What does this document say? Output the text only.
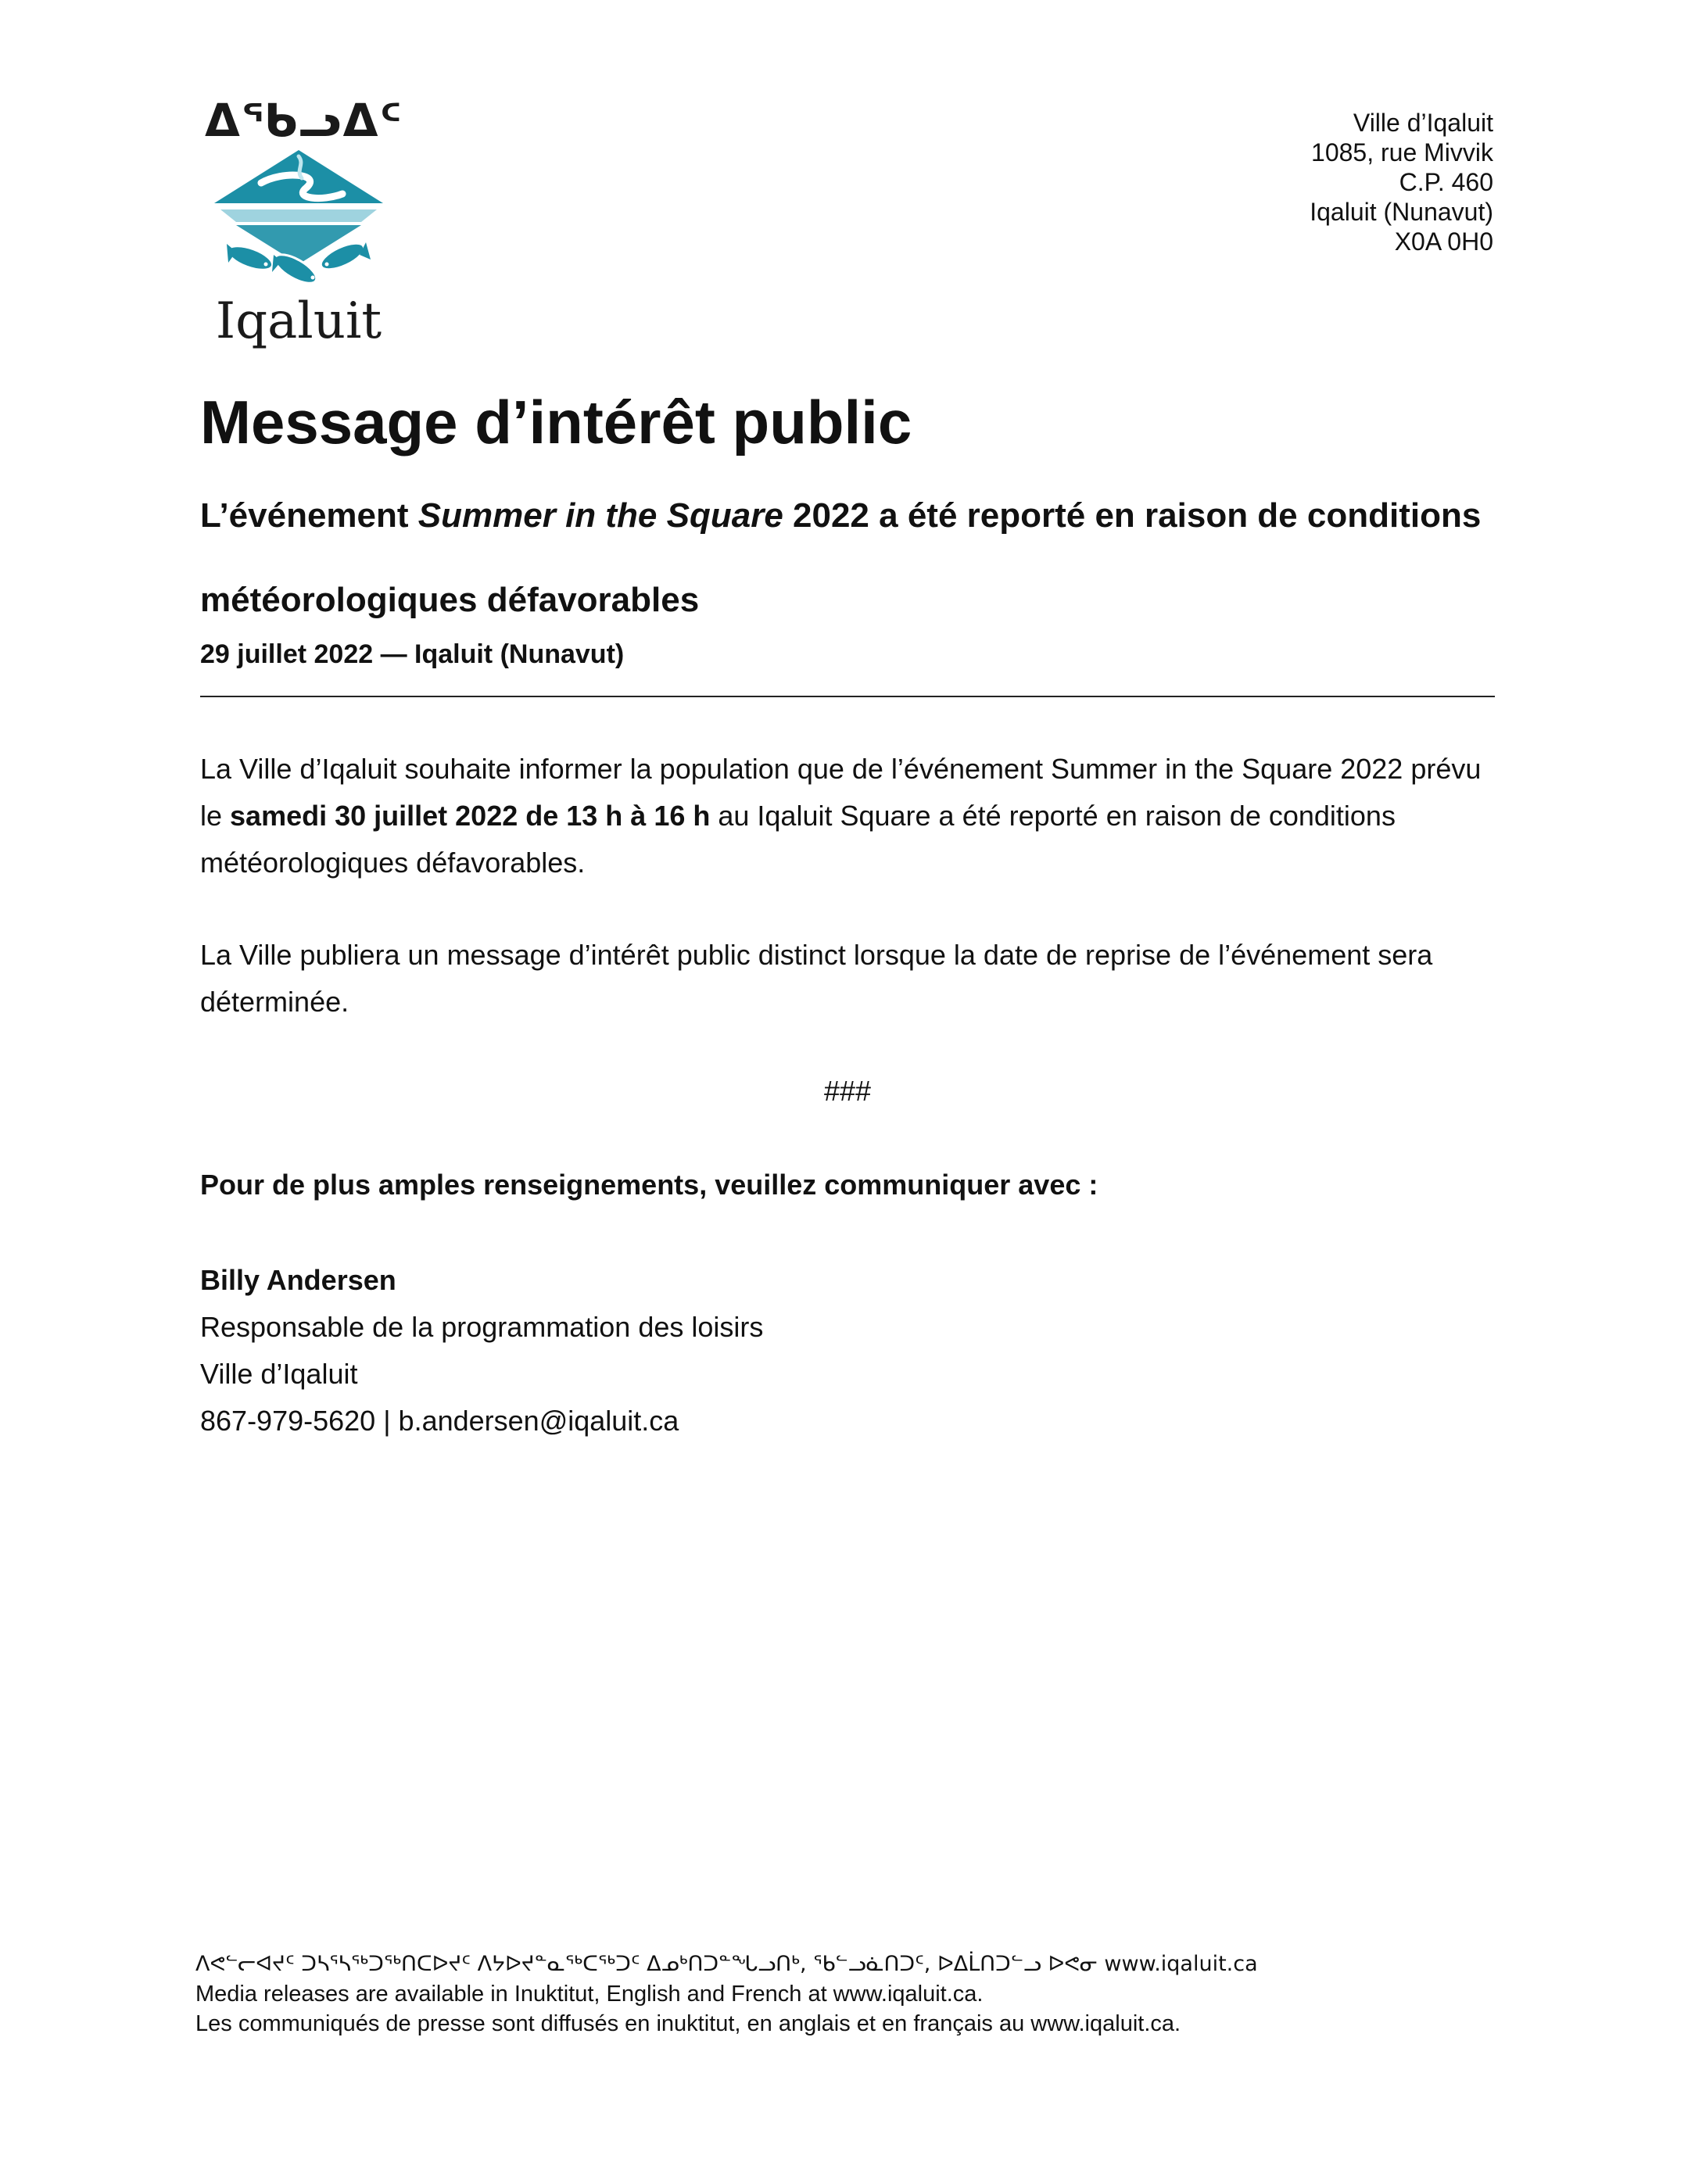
ᐃᖃᓗᐃᑦ
Iqaluit
Ville d’Iqaluit
1085, rue Mivvik
C.P. 460
Iqaluit (Nunavut)
X0A 0H0
Message d’intérêt public
L’événement Summer in the Square 2022 a été reporté en raison de conditions météorologiques défavorables
29 juillet 2022 — Iqaluit (Nunavut)

La Ville d’Iqaluit souhaite informer la population que de l’événement Summer in the Square 2022 prévu le samedi 30 juillet 2022 de 13 h à 16 h au Iqaluit Square a été reporté en raison de conditions météorologiques défavorables.

La Ville publiera un message d’intérêt public distinct lorsque la date de reprise de l’événement sera déterminée.

###
Pour de plus amples renseignements, veuillez communiquer avec :
Billy Andersen
Responsable de la programmation des loisirs
Ville d’Iqaluit
867-979-5620 | b.andersen@iqaluit.ca
ᐱᕙᓪᓕᐊᔪᑦ ᑐᓴᕐᓴᖅᑐᖅᑎᑕᐅᔪᑦ ᐱᔭᐅᔪᓐᓇᖅᑕᖅᑐᑦ ᐃᓄᒃᑎᑐᓐᖓᓗᑎᒃ, ᖃᓪᓗᓈᑎᑐᑦ, ᐅᐃᒫᑎᑐᓪᓗ ᐅᕙᓂ www.iqaluit.ca
Media releases are available in Inuktitut, English and French at www.iqaluit.ca.
Les communiqués de presse sont diffusés en inuktitut, en anglais et en français au www.iqaluit.ca.
